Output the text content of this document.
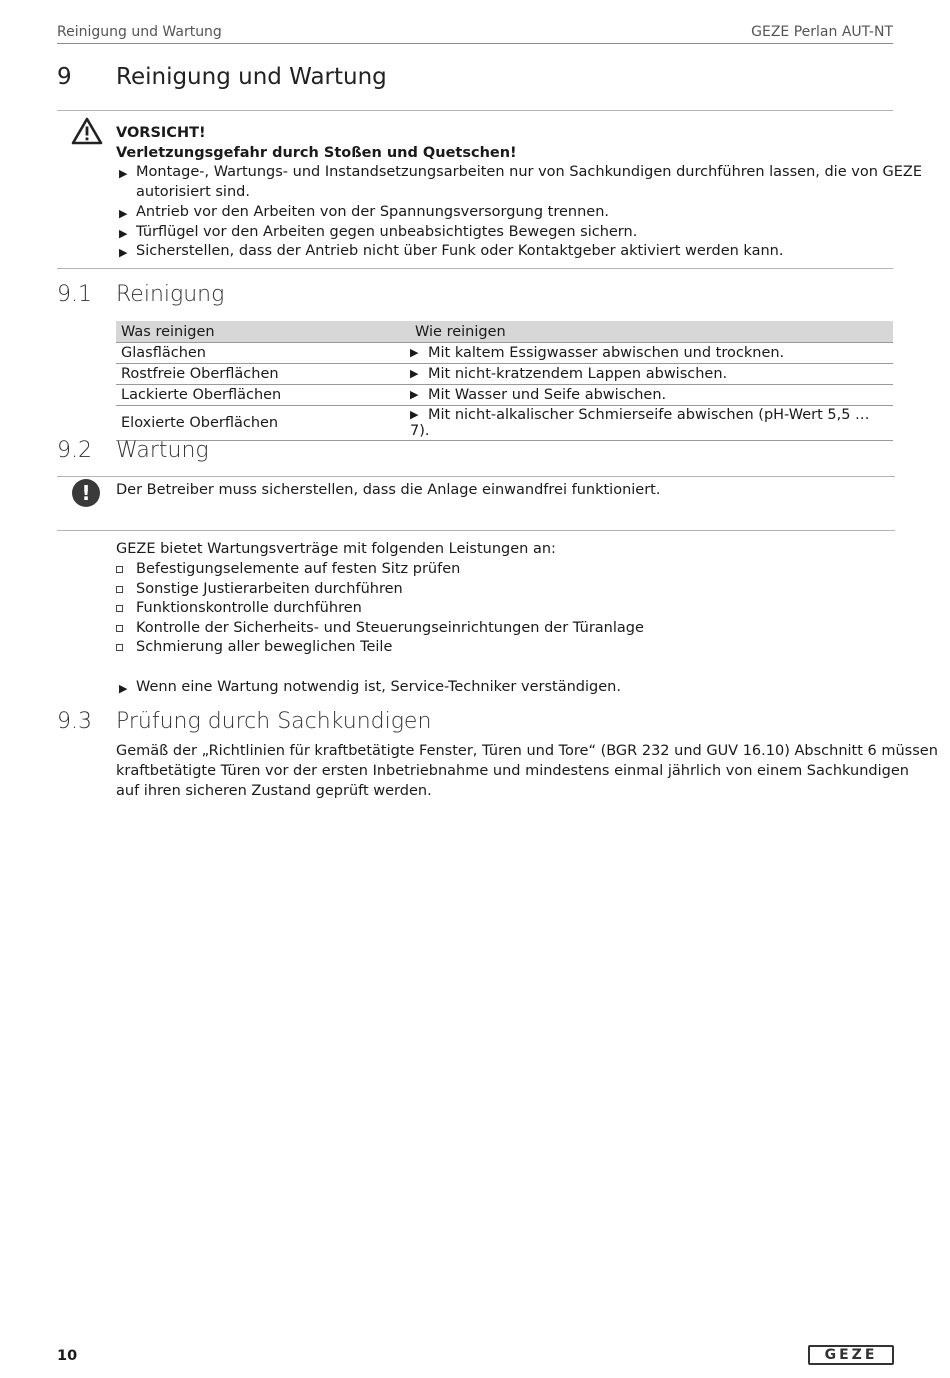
Reinigung und Wartung	GEZE Perlan AUT-NT
9 Reinigung und Wartung
VORSICHT!
Verletzungsgefahr durch Stoßen und Quetschen!
▶ Montage-, Wartungs- und Instandsetzungsarbeiten nur von Sachkundigen durchführen lassen, die von GEZE
autorisiert sind.
▶ Antrieb vor den Arbeiten von der Spannungsversorgung trennen.
▶ Türflügel vor den Arbeiten gegen unbeabsichtigtes Bewegen sichern.
▶ Sicherstellen, dass der Antrieb nicht über Funk oder Kontaktgeber aktiviert werden kann.
9.1 Reinigung
Was reinigen	Wie reinigen
Glasflächen	▶ Mit kaltem Essigwasser abwischen und trocknen.
Rostfreie Oberflächen	▶ Mit nicht-kratzendem Lappen abwischen.
Lackierte Oberflächen	▶ Mit Wasser und Seife abwischen.
Eloxierte Oberflächen	▶ Mit nicht-alkalischer Schmierseife abwischen (pH-Wert 5,5 … 7).
9.2 Wartung
!	Der Betreiber muss sicherstellen, dass die Anlage einwandfrei funktioniert.
GEZE bietet Wartungsverträge mit folgenden Leistungen an:
Befestigungselemente auf festen Sitz prüfen
Sonstige Justierarbeiten durchführen
Funktionskontrolle durchführen
Kontrolle der Sicherheits- und Steuerungseinrichtungen der Türanlage
Schmierung aller beweglichen Teile
▶ Wenn eine Wartung notwendig ist, Service-Techniker verständigen.
9.3 Prüfung durch Sachkundigen
Gemäß der „Richtlinien für kraftbetätigte Fenster, Türen und Tore“ (BGR 232 und GUV 16.10) Abschnitt 6 müssen
kraftbetätigte Türen vor der ersten Inbetriebnahme und mindestens einmal jährlich von einem Sachkundigen
auf ihren sicheren Zustand geprüft werden.
10	GEZE
